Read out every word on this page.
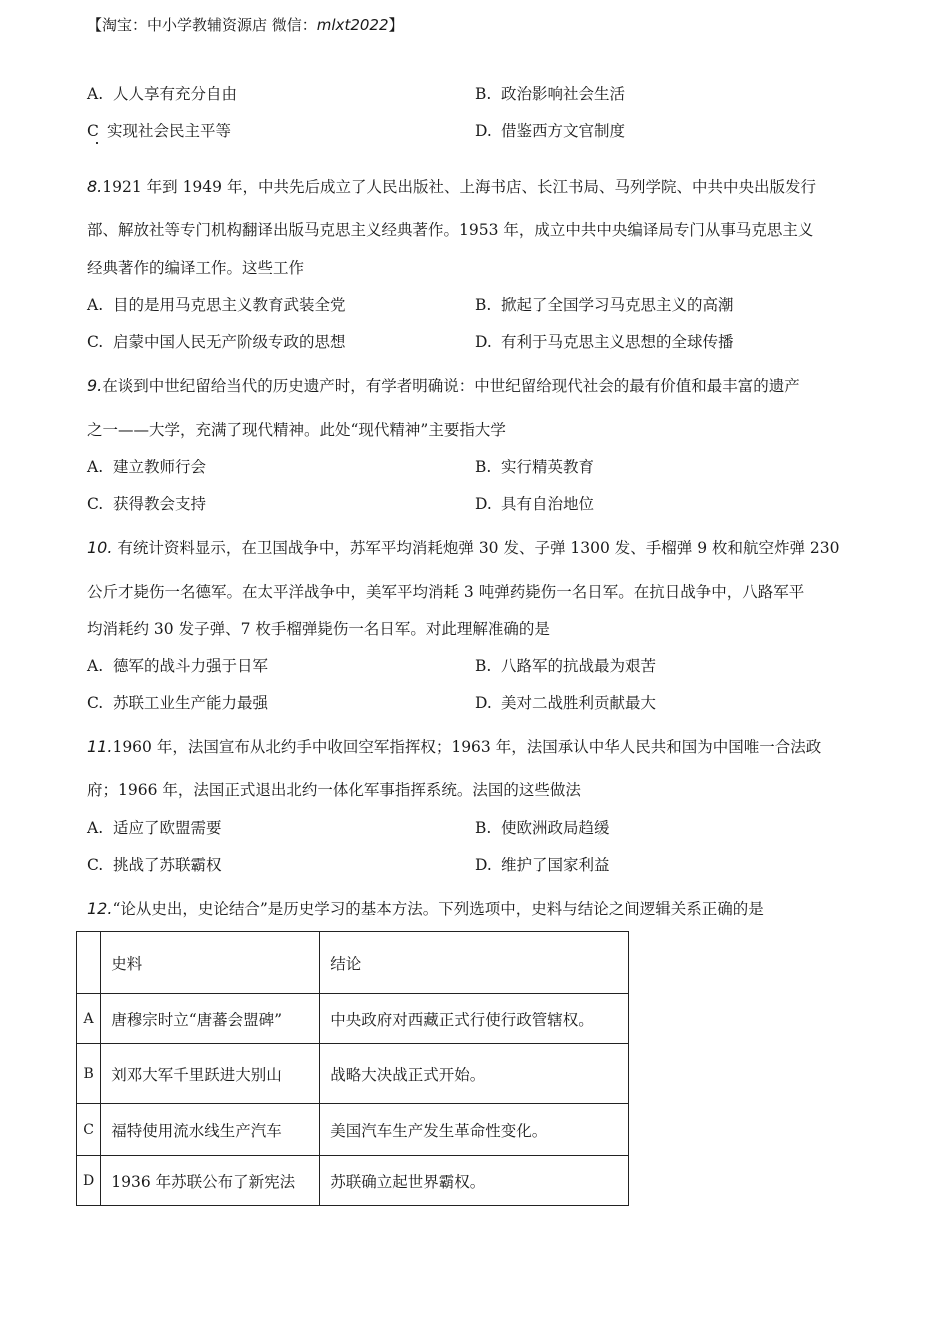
【淘宝：中小学教辅资源店 微信：mlxt2022】
A. 人人享有充分自由	B. 政治影响社会生活
C 实现社会民主平等	D. 借鉴西方文官制度
8.1921 年到 1949 年，中共先后成立了人民出版社、上海书店、长江书局、马列学院、中共中央出版发行
部、解放社等专门机构翻译出版马克思主义经典著作。1953 年，成立中共中央编译局专门从事马克思主义
经典著作的编译工作。这些工作
A. 目的是用马克思主义教育武装全党	B. 掀起了全国学习马克思主义的高潮
C. 启蒙中国人民无产阶级专政的思想	D. 有利于马克思主义思想的全球传播
9.在谈到中世纪留给当代的历史遗产时，有学者明确说：中世纪留给现代社会的最有价值和最丰富的遗产
之一——大学，充满了现代精神。此处“现代精神”主要指大学
A. 建立教师行会	B. 实行精英教育
C. 获得教会支持	D. 具有自治地位
10. 有统计资料显示，在卫国战争中，苏军平均消耗炮弹 30 发、子弹 1300 发、手榴弹 9 枚和航空炸弹 230
公斤才毙伤一名德军。在太平洋战争中，美军平均消耗 3 吨弹药毙伤一名日军。在抗日战争中，八路军平
均消耗约 30 发子弹、7 枚手榴弹毙伤一名日军。对此理解准确的是
A. 德军的战斗力强于日军	B. 八路军的抗战最为艰苦
C. 苏联工业生产能力最强	D. 美对二战胜利贡献最大
11.1960 年，法国宣布从北约手中收回空军指挥权；1963 年，法国承认中华人民共和国为中国唯一合法政
府；1966 年，法国正式退出北约一体化军事指挥系统。法国的这些做法
A. 适应了欧盟需要	B. 使欧洲政局趋缓
C. 挑战了苏联霸权	D. 维护了国家利益
12.“论从史出，史论结合”是历史学习的基本方法。下列选项中，史料与结论之间逻辑关系正确的是
	史料	结论
A	唐穆宗时立“唐蕃会盟碑”	中央政府对西藏正式行使行政管辖权。
B	刘邓大军千里跃进大别山	战略大决战正式开始。
C	福特使用流水线生产汽车	美国汽车生产发生革命性变化。
D	1936 年苏联公布了新宪法	苏联确立起世界霸权。
